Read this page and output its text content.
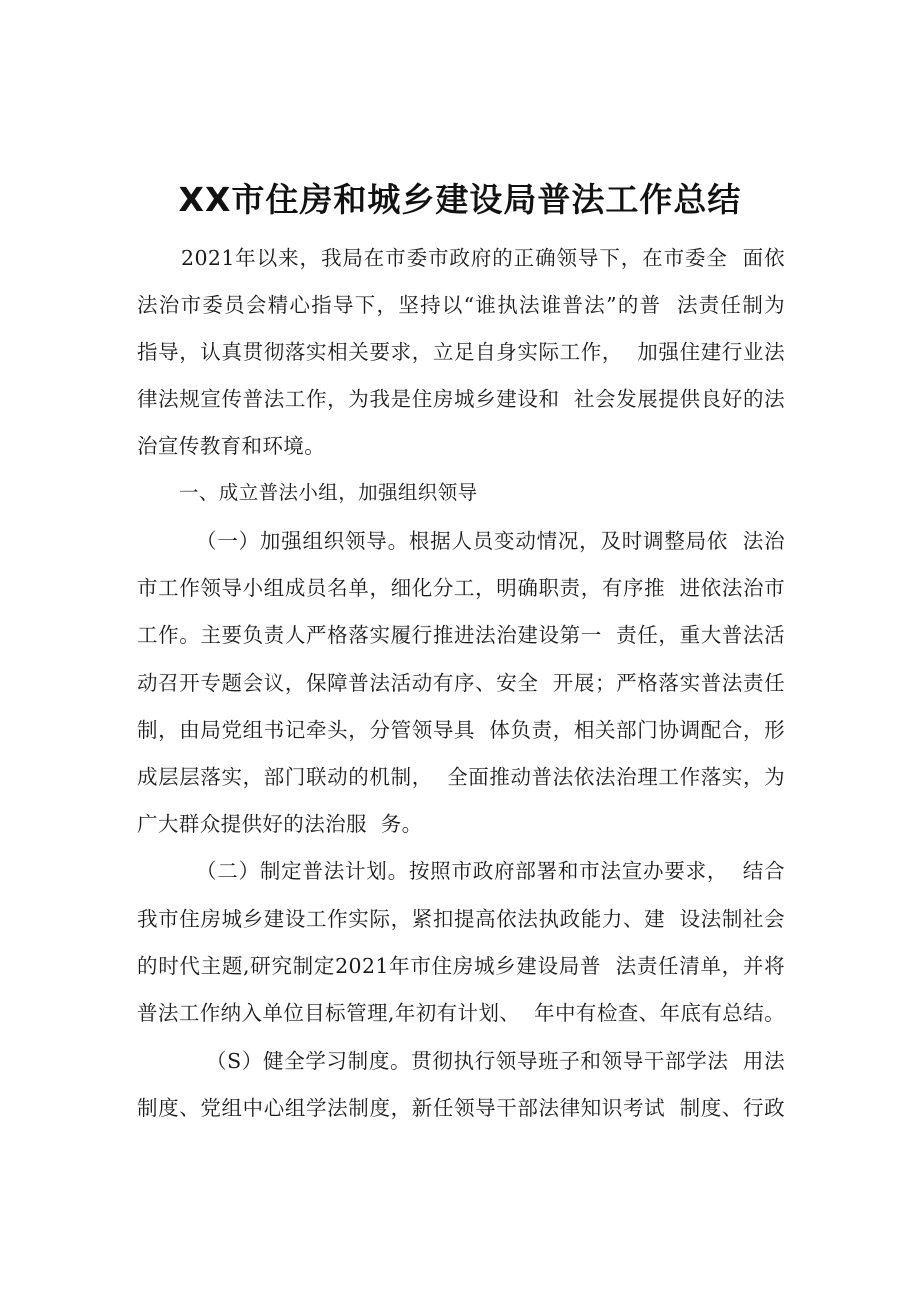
XX市住房和城乡建设局普法工作总结

2021年以来，我局在市委市政府的正确领导下，在市委全  面依

法治市委员会精心指导下，坚持以“谁执法谁普法”的普  法责任制为

指导，认真贯彻落实相关要求，立足自身实际工作，  加强住建行业法

律法规宣传普法工作，为我是住房城乡建设和  社会发展提供良好的法

治宣传教育和环境。

一、成立普法小组，加强组织领导

（一）加强组织领导。根据人员变动情况，及时调整局依  法治

市工作领导小组成员名单，细化分工，明确职责，有序推  进依法治市

工作。主要负责人严格落实履行推进法治建设第一  责任，重大普法活

动召开专题会议，保障普法活动有序、安全  开展；严格落实普法责任

制，由局党组书记牵头，分管领导具  体负责，相关部门协调配合，形

成层层落实，部门联动的机制，  全面推动普法依法治理工作落实，为

广大群众提供好的法治服  务。

（二）制定普法计划。按照市政府部署和市法宣办要求，  结合

我市住房城乡建设工作实际，紧扣提高依法执政能力、建  设法制社会

的时代主题,研究制定2021年市住房城乡建设局普  法责任清单，并将

普法工作纳入单位目标管理,年初有计划、  年中有检查、年底有总结。

（S）健全学习制度。贯彻执行领导班子和领导干部学法  用法

制度、党组中心组学法制度，新任领导干部法律知识考试  制度、行政
